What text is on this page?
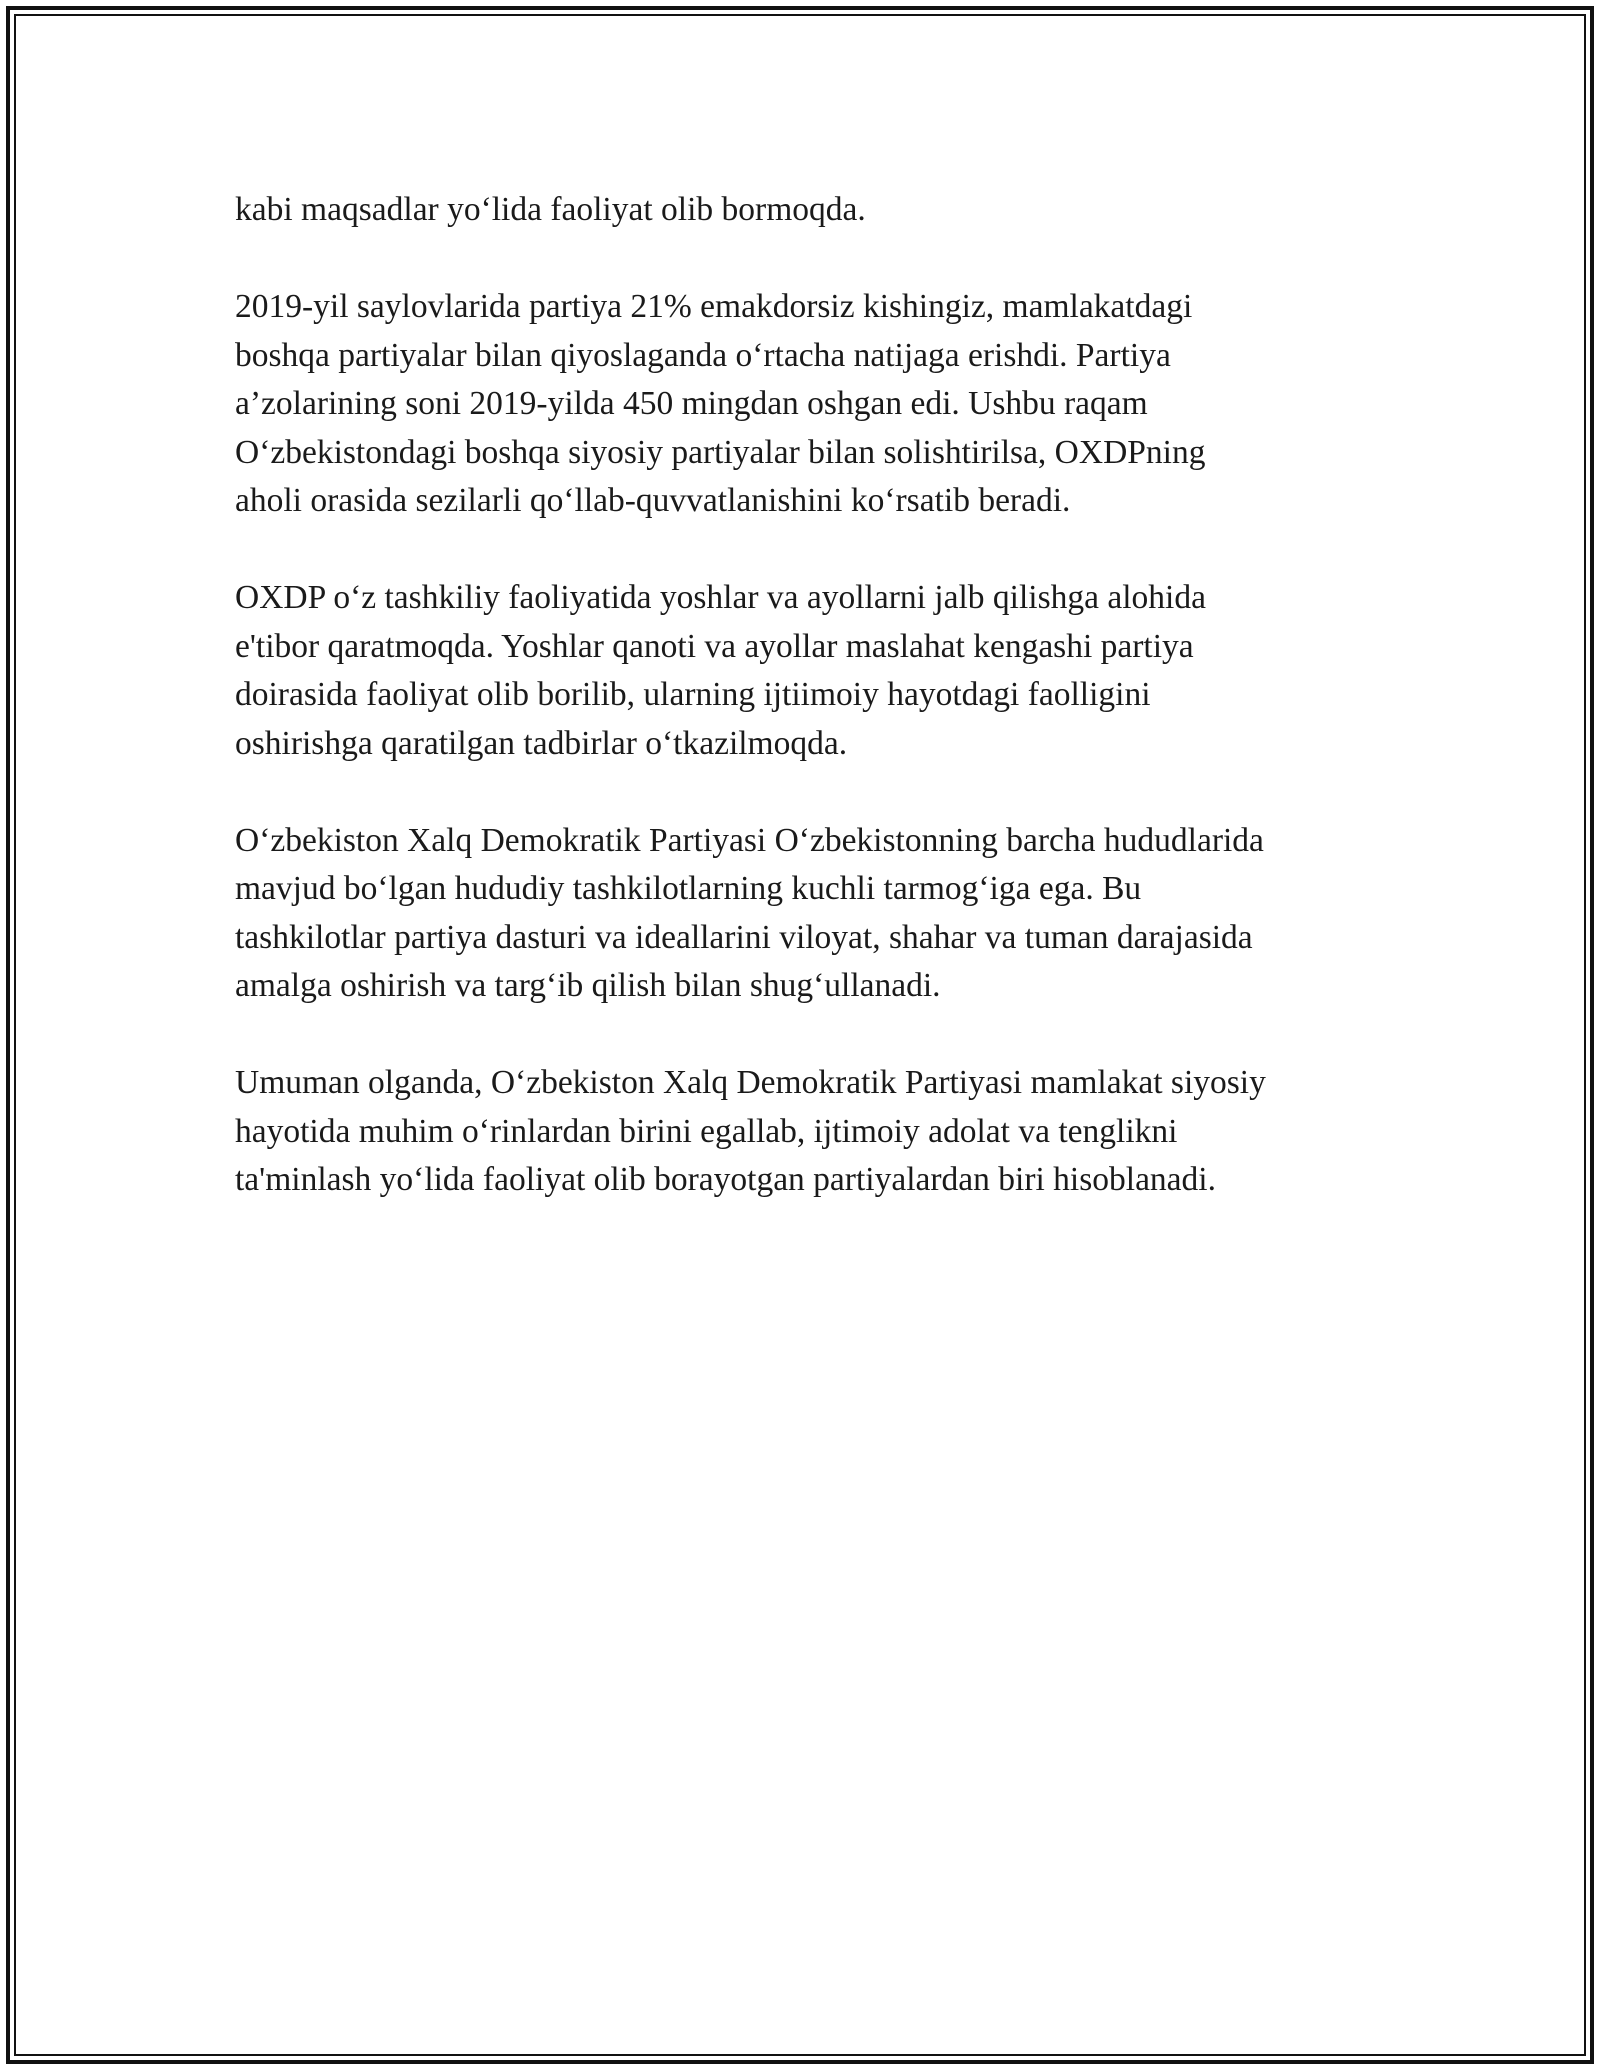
kabi maqsadlar yo‘lida faoliyat olib bormoqda.

2019-yil saylovlarida partiya 21% emakdorsiz kishingiz, mamlakatdagi
boshqa partiyalar bilan qiyoslaganda o‘rtacha natijaga erishdi. Partiya
a’zolarining soni 2019-yilda 450 mingdan oshgan edi. Ushbu raqam
O‘zbekistondagi boshqa siyosiy partiyalar bilan solishtirilsa, OXDPning
aholi orasida sezilarli qo‘llab-quvvatlanishini ko‘rsatib beradi.

OXDP o‘z tashkiliy faoliyatida yoshlar va ayollarni jalb qilishga alohida
e'tibor qaratmoqda. Yoshlar qanoti va ayollar maslahat kengashi partiya
doirasida faoliyat olib borilib, ularning ijtiimoiy hayotdagi faolligini
oshirishga qaratilgan tadbirlar o‘tkazilmoqda.

O‘zbekiston Xalq Demokratik Partiyasi O‘zbekistonning barcha hududlarida
mavjud bo‘lgan hududiy tashkilotlarning kuchli tarmog‘iga ega. Bu
tashkilotlar partiya dasturi va ideallarini viloyat, shahar va tuman darajasida
amalga oshirish va targ‘ib qilish bilan shug‘ullanadi.

Umuman olganda, O‘zbekiston Xalq Demokratik Partiyasi mamlakat siyosiy
hayotida muhim o‘rinlardan birini egallab, ijtimoiy adolat va tenglikni
ta'minlash yo‘lida faoliyat olib borayotgan partiyalardan biri hisoblanadi.
